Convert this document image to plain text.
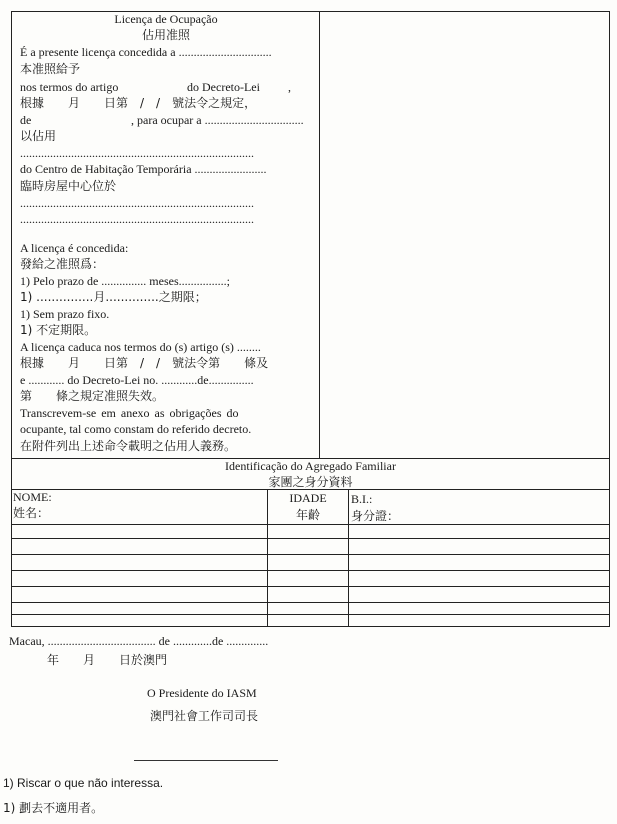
Licença de Ocupação
佔用准照
É a presente licença concedida a ...............................
本准照給予
nos termos do artigo	do Decreto-Lei ,
根據　　月　　日第　/　/　號法令之規定，
de	, para ocupar a .................................
以佔用
..............................................................................
do Centro de Habitação Temporária ........................
臨時房屋中心位於
..............................................................................
..............................................................................
A licença é concedida:
發給之准照爲：
1) Pelo prazo de ............... meses................;
1) ...............月..............之期限；
1) Sem prazo fixo.
1) 不定期限。
A licença caduca nos termos do (s) artigo (s) ........
根據　　月　　日第　/　/　號法令第　　條及
e ............ do Decreto-Lei no. ............de...............
第　　條之規定准照失效。
Transcrevem-se em anexo as obrigações do
ocupante, tal como constam do referido decreto.
在附件列出上述命令載明之佔用人義務。
Identificação do Agregado Familiar
家團之身分資料
NOME:
姓名：
IDADE
年齡
B.I.:
身分證：
Macau, .................................... de .............de ..............
年　　月　　日於澳門
O Presidente do IASM
澳門社會工作司司長
1) Riscar o que não interessa.
1) 劃去不適用者。
